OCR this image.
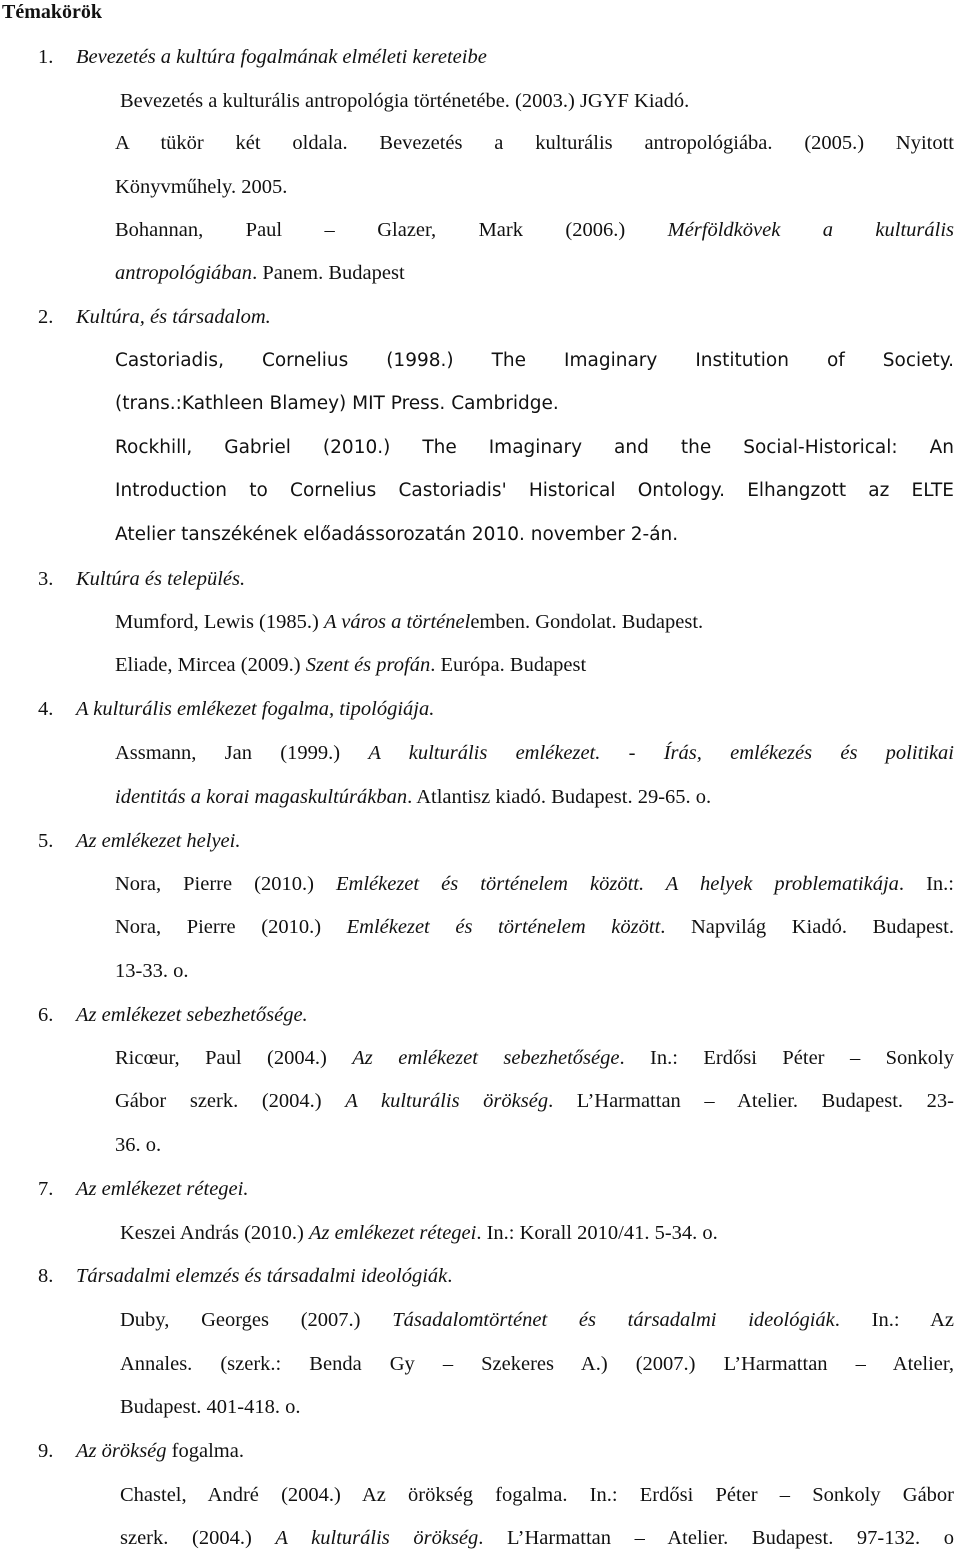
Témakörök
1. Bevezetés a kultúra fogalmának elméleti kereteibe
Bevezetés a kulturális antropológia történetébe. (2003.) JGYF Kiadó.
A tükör két oldala. Bevezetés a kulturális antropológiába. (2005.) Nyitott
Könyvműhely. 2005.
Bohannan, Paul – Glazer, Mark (2006.) Mérföldkövek a kulturális
antropológiában. Panem. Budapest
2. Kultúra, és társadalom.
Castoriadis, Cornelius (1998.) The Imaginary Institution of Society.
(trans.:Kathleen Blamey) MIT Press. Cambridge.
Rockhill, Gabriel (2010.) The Imaginary and the Social-Historical: An
Introduction to Cornelius Castoriadis' Historical Ontology. Elhangzott az ELTE
Atelier tanszékének előadássorozatán 2010. november 2-án.
3. Kultúra és település.
Mumford, Lewis (1985.) A város a történelemben. Gondolat. Budapest.
Eliade, Mircea (2009.) Szent és profán. Európa. Budapest
4. A kulturális emlékezet fogalma, tipológiája.
Assmann, Jan (1999.) A kulturális emlékezet. - Írás, emlékezés és politikai
identitás a korai magaskultúrákban. Atlantisz kiadó. Budapest. 29-65. o.
5. Az emlékezet helyei.
Nora, Pierre (2010.) Emlékezet és történelem között. A helyek problematikája. In.:
Nora, Pierre (2010.) Emlékezet és történelem között. Napvilág Kiadó. Budapest.
13-33. o.
6. Az emlékezet sebezhetősége.
Ricœur, Paul (2004.) Az emlékezet sebezhetősége. In.: Erdősi Péter – Sonkoly
Gábor szerk. (2004.) A kulturális örökség. L’Harmattan – Atelier. Budapest. 23-
36. o.
7. Az emlékezet rétegei.
Keszei András (2010.) Az emlékezet rétegei. In.: Korall 2010/41. 5-34. o.
8. Társadalmi elemzés és társadalmi ideológiák.
Duby, Georges (2007.) Tásadalomtörténet és társadalmi ideológiák. In.: Az
Annales. (szerk.: Benda Gy – Szekeres A.) (2007.) L’Harmattan – Atelier,
Budapest. 401-418. o.
9. Az örökség fogalma.
Chastel, André (2004.) Az örökség fogalma. In.: Erdősi Péter – Sonkoly Gábor
szerk. (2004.) A kulturális örökség. L’Harmattan – Atelier. Budapest. 97-132. o
